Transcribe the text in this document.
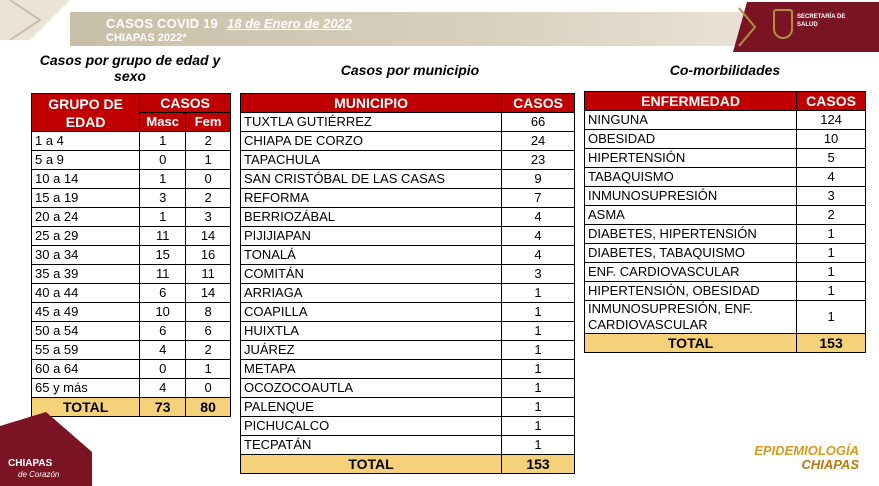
CASOS COVID 19 18 de Enero de 2022
CHIAPAS 2022*
SECRETARÍA DE SALUD
Casos por grupo de edad y sexo	Casos por municipio	Co-morbilidades
GRUPO DE EDAD	CASOS	
	Masc	Fem
1 a 4	1	2
5 a 9	0	1
10 a 14	1	0
15 a 19	3	2
20 a 24	1	3
25 a 29	11	14
30 a 34	15	16
35 a 39	11	11
40 a 44	6	14
45 a 49	10	8
50 a 54	6	6
55 a 59	4	2
60 a 64	0	1
65 y más	4	0
TOTAL	73	80
MUNICIPIO	CASOS
TUXTLA GUTIÉRREZ	66
CHIAPA DE CORZO	24
TAPACHULA	23
SAN CRISTÓBAL DE LAS CASAS	9
REFORMA	7
BERRIOZÁBAL	4
PIJIJIAPAN	4
TONALÁ	4
COMITÁN	3
ARRIAGA	1
COAPILLA	1
HUIXTLA	1
JUÁREZ	1
METAPA	1
OCOZOCOAUTLA	1
PALENQUE	1
PICHUCALCO	1
TECPATÁN	1
TOTAL	153
ENFERMEDAD	CASOS
NINGUNA	124
OBESIDAD	10
HIPERTENSIÓN	5
TABAQUISMO	4
INMUNOSUPRESIÓN	3
ASMA	2
DIABETES, HIPERTENSIÓN	1
DIABETES, TABAQUISMO	1
ENF. CARDIOVASCULAR	1
HIPERTENSIÓN, OBESIDAD	1
INMUNOSUPRESIÓN, ENF. CARDIOVASCULAR	1
TOTAL	153
CHIAPAS
de Corazón
EPIDEMIOLOGÍA
CHIAPAS
